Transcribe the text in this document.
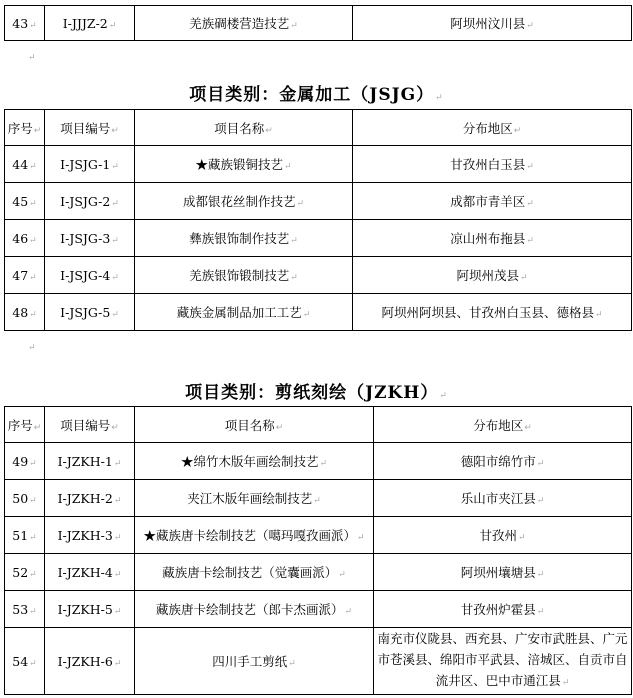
43↵	Ⅰ-JJJZ-2↵	羌族碉楼营造技艺↵	阿坝州汶川县↵
↵
项目类别：金属加工（JSJG）↵
序号↵	项目编号↵	项目名称↵	分布地区↵
44↵	Ⅰ-JSJG-1↵	★藏族锻铜技艺↵	甘孜州白玉县↵
45↵	Ⅰ-JSJG-2↵	成都银花丝制作技艺↵	成都市青羊区↵
46↵	Ⅰ-JSJG-3↵	彝族银饰制作技艺↵	凉山州布拖县↵
47↵	Ⅰ-JSJG-4↵	羌族银饰锻制技艺↵	阿坝州茂县↵
48↵	Ⅰ-JSJG-5↵	藏族金属制品加工工艺↵	阿坝州阿坝县、甘孜州白玉县、德格县↵
↵
项目类别：剪纸刻绘（JZKH）↵
序号↵	项目编号↵	项目名称↵	分布地区↵
49↵	Ⅰ-JZKH-1↵	★绵竹木版年画绘制技艺↵	德阳市绵竹市↵
50↵	Ⅰ-JZKH-2↵	夹江木版年画绘制技艺↵	乐山市夹江县↵
51↵	Ⅰ-JZKH-3↵	★藏族唐卡绘制技艺（噶玛嘎孜画派）↵	甘孜州↵
52↵	Ⅰ-JZKH-4↵	藏族唐卡绘制技艺（觉囊画派）↵	阿坝州壤塘县↵
53↵	Ⅰ-JZKH-5↵	藏族唐卡绘制技艺（郎卡杰画派）↵	甘孜州炉霍县↵
54↵	Ⅰ-JZKH-6↵	四川手工剪纸↵	南充市仪陇县、西充县、广安市武胜县、广元市苍溪县、绵阳市平武县、涪城区、自贡市自流井区、巴中市通江县↵
